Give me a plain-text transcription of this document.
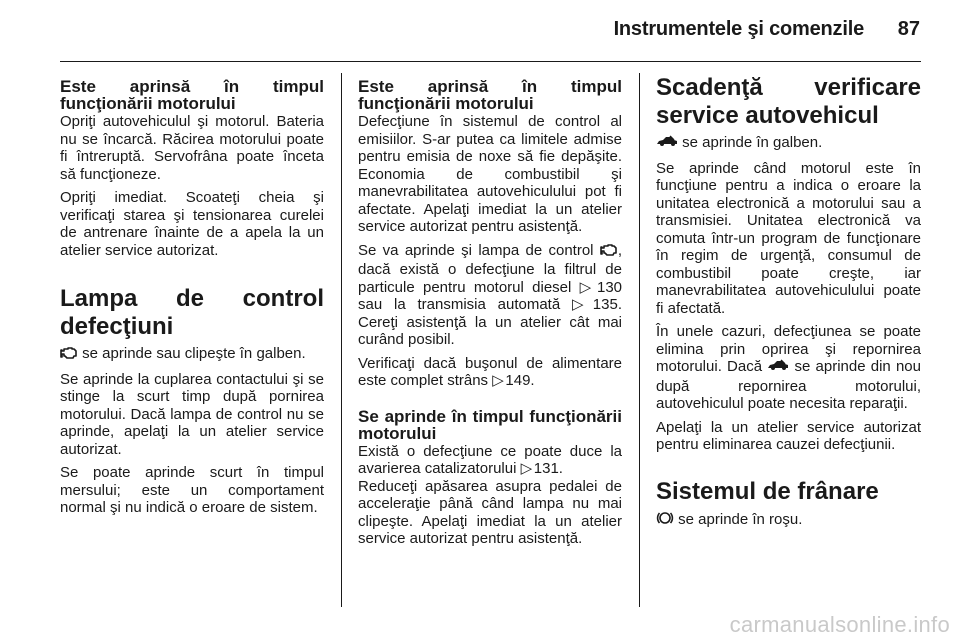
Instrumentele şi comenzile 87
Este aprinsă în timpul funcţionării motorului

Opriţi autovehiculul şi motorul. Bateria nu se încarcă. Răcirea motorului poate fi întreruptă. Servofrâna poate înceta să funcţioneze.

Opriţi imediat. Scoateţi cheia şi verificaţi starea şi tensionarea curelei de antrenare înainte de a apela la un atelier service autorizat.

Lampa de control defecţiuni

se aprinde sau clipeşte în galben.

Se aprinde la cuplarea contactului şi se stinge la scurt timp după pornirea motorului. Dacă lampa de control nu se aprinde, apelaţi la un atelier service autorizat.

Se poate aprinde scurt în timpul mersului; este un comportament normal şi nu indică o eroare de sistem.

Este aprinsă în timpul funcţionării motorului

Defecţiune în sistemul de control al emisiilor. S-ar putea ca limitele admise pentru emisia de noxe să fie depăşite. Economia de combustibil şi manevrabilitatea autovehiculului pot fi afectate. Apelaţi imediat la un atelier service autorizat pentru asistenţă.

Se va aprinde şi lampa de control , dacă există o defecţiune la filtrul de particule pentru motorul diesel ▷ 130 sau la transmisia automată ▷ 135. Cereţi asistenţă la un atelier cât mai curând posibil.

Verificaţi dacă buşonul de alimentare este complet strâns ▷ 149.

Se aprinde în timpul funcţionării motorului

Există o defecţiune ce poate duce la avarierea catalizatorului ▷ 131.

Reduceţi apăsarea asupra pedalei de acceleraţie până când lampa nu mai clipeşte. Apelaţi imediat la un atelier service autorizat pentru asistenţă.

Scadenţă verificare service autovehicul

se aprinde în galben.

Se aprinde când motorul este în funcţiune pentru a indica o eroare la unitatea electronică a motorului sau a transmisiei. Unitatea electronică va comuta într-un program de funcţionare în regim de urgenţă, consumul de combustibil poate creşte, iar manevrabilitatea autovehiculului poate fi afectată.

În unele cazuri, defecţiunea se poate elimina prin oprirea şi repornirea motorului. Dacă  se aprinde din nou după repornirea motorului, autovehiculul poate necesita reparaţii.

Apelaţi la un atelier service autorizat pentru eliminarea cauzei defecţiunii.

Sistemul de frânare

se aprinde în roşu.

carmanualsonline.info
